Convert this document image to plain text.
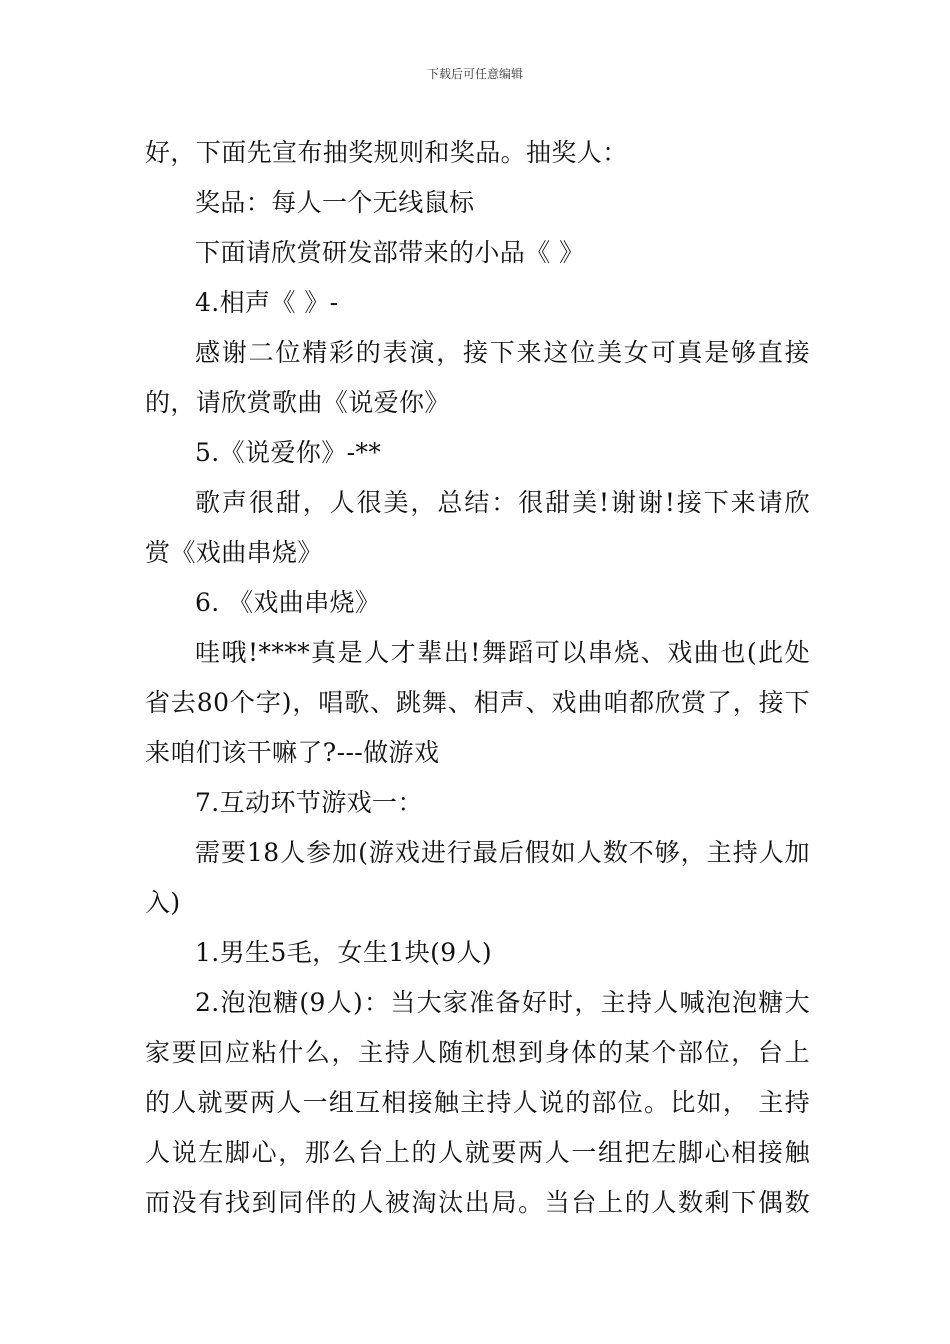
下载后可任意编辑
好，下面先宣布抽奖规则和奖品。抽奖人：
奖品：每人一个无线鼠标
下面请欣赏研发部带来的小品《 》
4.相声《 》-
感谢二位精彩的表演，接下来这位美女可真是够直接
的，请欣赏歌曲《说爱你》
5.《说爱你》-**
歌声很甜，人很美，总结：很甜美!谢谢!接下来请欣
赏《戏曲串烧》
6. 《戏曲串烧》
哇哦!****真是人才辈出!舞蹈可以串烧、戏曲也(此处
省去80个字)，唱歌、跳舞、相声、戏曲咱都欣赏了，接下
来咱们该干嘛了?---做游戏
7.互动环节游戏一：
需要18人参加(游戏进行最后假如人数不够，主持人加
入)
1.男生5毛，女生1块(9人)
2.泡泡糖(9人)：当大家准备好时，主持人喊泡泡糖大
家要回应粘什么，主持人随机想到身体的某个部位，台上
的人就要两人一组互相接触主持人说的部位。比如， 主持
人说左脚心，那么台上的人就要两人一组把左脚心相接触
而没有找到同伴的人被淘汰出局。当台上的人数剩下偶数
